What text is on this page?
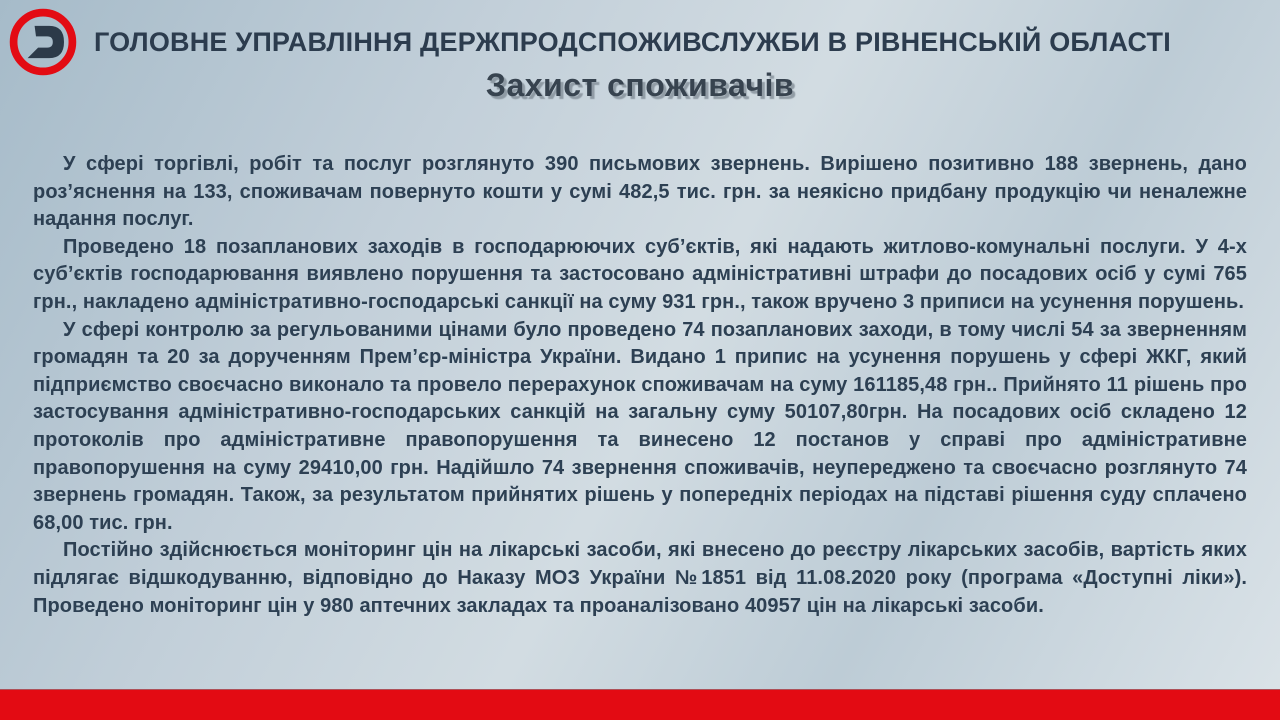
ГОЛОВНЕ УПРАВЛІННЯ ДЕРЖПРОДСПОЖИВСЛУЖБИ В РІВНЕНСЬКІЙ ОБЛАСТІ
Захист споживачів

У сфері торгівлі, робіт та послуг розглянуто 390 письмових звернень. Вирішено позитивно 188 звернень, дано роз’яснення на 133, споживачам повернуто кошти у сумі 482,5 тис. грн. за неякісно придбану продукцію чи неналежне надання послуг.

Проведено 18 позапланових заходів в господарюючих суб’єктів, які надають житлово-комунальні послуги. У 4-х суб’єктів господарювання виявлено порушення та застосовано адміністративні штрафи до посадових осіб у сумі 765 грн., накладено адміністративно-господарські санкції на суму 931 грн., також вручено 3 приписи на усунення порушень.

У сфері контролю за регульованими цінами було проведено 74 позапланових заходи, в тому числі 54 за зверненням громадян та 20 за дорученням Прем’єр-міністра України. Видано 1 припис на усунення порушень у сфері ЖКГ, який підприємство своєчасно виконало та провело перерахунок споживачам на суму 161185,48 грн.. Прийнято 11 рішень про застосування адміністративно-господарських санкцій на загальну суму 50107,80грн. На посадових осіб складено 12 протоколів про адміністративне правопорушення та винесено 12 постанов у справі про адміністративне правопорушення на суму 29410,00 грн. Надійшло 74 звернення споживачів, неупереджено та своєчасно розглянуто 74 звернень громадян. Також, за результатом прийнятих рішень у попередніх періодах на підставі рішення суду сплачено 68,00 тис. грн.

Постійно здійснюється моніторинг цін на лікарські засоби, які внесено до реєстру лікарських засобів, вартість яких підлягає відшкодуванню, відповідно до Наказу МОЗ України №1851 від 11.08.2020 року (програма «Доступні ліки»). Проведено моніторинг цін у 980 аптечних закладах та проаналізовано 40957 цін на лікарські засоби.
